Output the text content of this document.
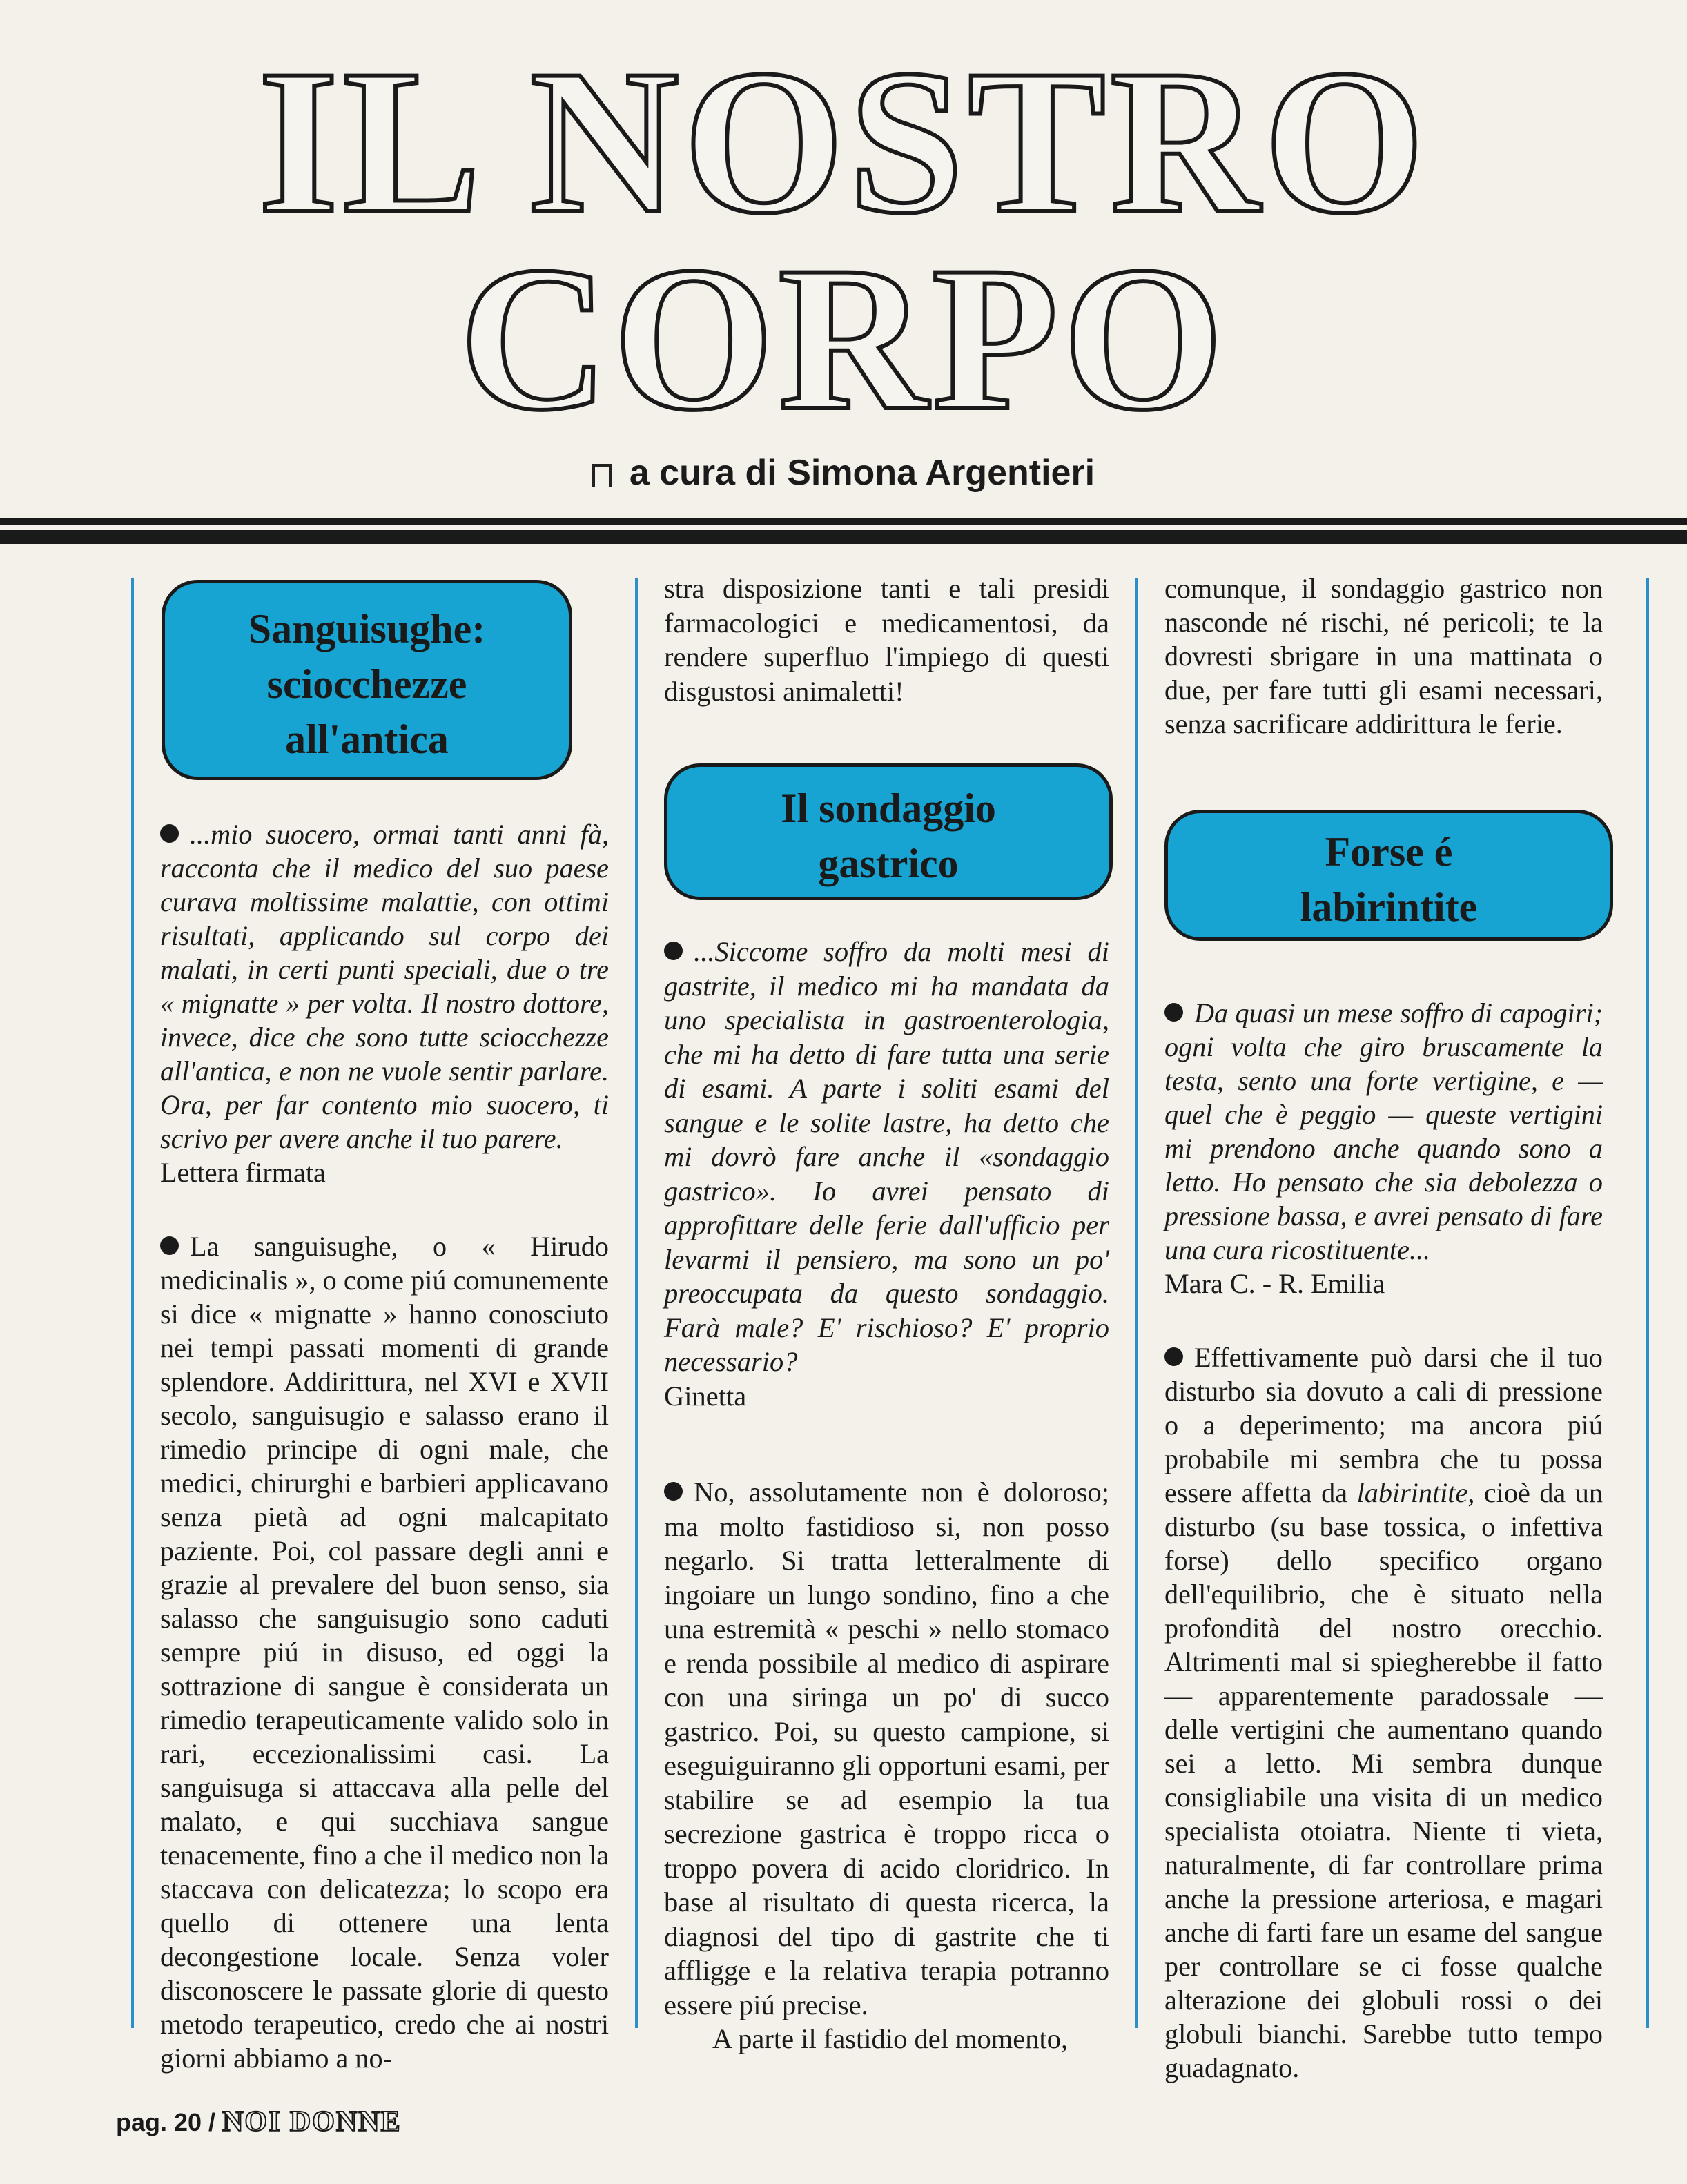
IL NOSTRO
CORPO
a cura di Simona Argentieri
Sanguisughe:
sciocchezze
all'antica

...mio suocero, ormai tanti anni fà, racconta che il medico del suo paese curava moltissime malattie, con ottimi risultati, applicando sul corpo dei malati, in certi punti speciali, due o tre « mignatte » per volta. Il nostro dottore, invece, dice che sono tutte sciocchezze all'antica, e non ne vuole sentir parlare. Ora, per far contento mio suocero, ti scrivo per avere anche il tuo parere.

Lettera firmata

La sanguisughe, o « Hirudo medicinalis », o come piú comunemente si dice « mignatte » hanno conosciuto nei tempi passati momenti di grande splendore. Addirittura, nel XVI e XVII secolo, sanguisugio e salasso erano il rimedio principe di ogni male, che medici, chirurghi e barbieri applicavano senza pietà ad ogni malcapitato paziente. Poi, col passare degli anni e grazie al prevalere del buon senso, sia salasso che sanguisugio sono caduti sempre piú in disuso, ed oggi la sottrazione di sangue è considerata un rimedio terapeuticamente valido solo in rari, eccezionalissimi casi. La sanguisuga si attaccava alla pelle del malato, e qui succhiava sangue tenacemente, fino a che il medico non la staccava con delicatezza; lo scopo era quello di ottenere una lenta decongestione locale. Senza voler disconoscere le passate glorie di questo metodo terapeutico, credo che ai nostri giorni abbiamo a no-

stra disposizione tanti e tali presidi farmacologici e medicamentosi, da rendere superfluo l'impiego di questi disgustosi animaletti!

Il sondaggio
gastrico

...Siccome soffro da molti mesi di gastrite, il medico mi ha mandata da uno specialista in gastroenterologia, che mi ha detto di fare tutta una serie di esami. A parte i soliti esami del sangue e le solite lastre, ha detto che mi dovrò fare anche il «sondaggio gastrico». Io avrei pensato di approfittare delle ferie dall'ufficio per levarmi il pensiero, ma sono un po' preoccupata da questo sondaggio. Farà male? E' rischioso? E' proprio necessario?

Ginetta

No, assolutamente non è doloroso; ma molto fastidioso si, non posso negarlo. Si tratta letteralmente di ingoiare un lungo sondino, fino a che una estremità « peschi » nello stomaco e renda possibile al medico di aspirare con una siringa un po' di succo gastrico. Poi, su questo campione, si eseguiguiranno gli opportuni esami, per stabilire se ad esempio la tua secrezione gastrica è troppo ricca o troppo povera di acido cloridrico. In base al risultato di questa ricerca, la diagnosi del tipo di gastrite che ti affligge e la relativa terapia potranno essere piú precise.

A parte il fastidio del momento,

comunque, il sondaggio gastrico non nasconde né rischi, né pericoli; te la dovresti sbrigare in una mattinata o due, per fare tutti gli esami necessari, senza sacrificare addirittura le ferie.

Forse é
labirintite

Da quasi un mese soffro di capogiri; ogni volta che giro bruscamente la testa, sento una forte vertigine, e — quel che è peggio — queste vertigini mi prendono anche quando sono a letto. Ho pensato che sia debolezza o pressione bassa, e avrei pensato di fare una cura ricostituente...

Mara C. - R. Emilia

Effettivamente può darsi che il tuo disturbo sia dovuto a cali di pressione o a deperimento; ma ancora piú probabile mi sembra che tu possa essere affetta da labirintite, cioè da un disturbo (su base tossica, o infettiva forse) dello specifico organo dell'equilibrio, che è situato nella profondità del nostro orecchio. Altrimenti mal si spiegherebbe il fatto — apparentemente paradossale — delle vertigini che aumentano quando sei a letto. Mi sembra dunque consigliabile una visita di un medico specialista otoiatra. Niente ti vieta, naturalmente, di far controllare prima anche la pressione arteriosa, e magari anche di farti fare un esame del sangue per controllare se ci fosse qualche alterazione dei globuli rossi o dei globuli bianchi. Sarebbe tutto tempo guadagnato.

pag. 20 / NOI DONNE
